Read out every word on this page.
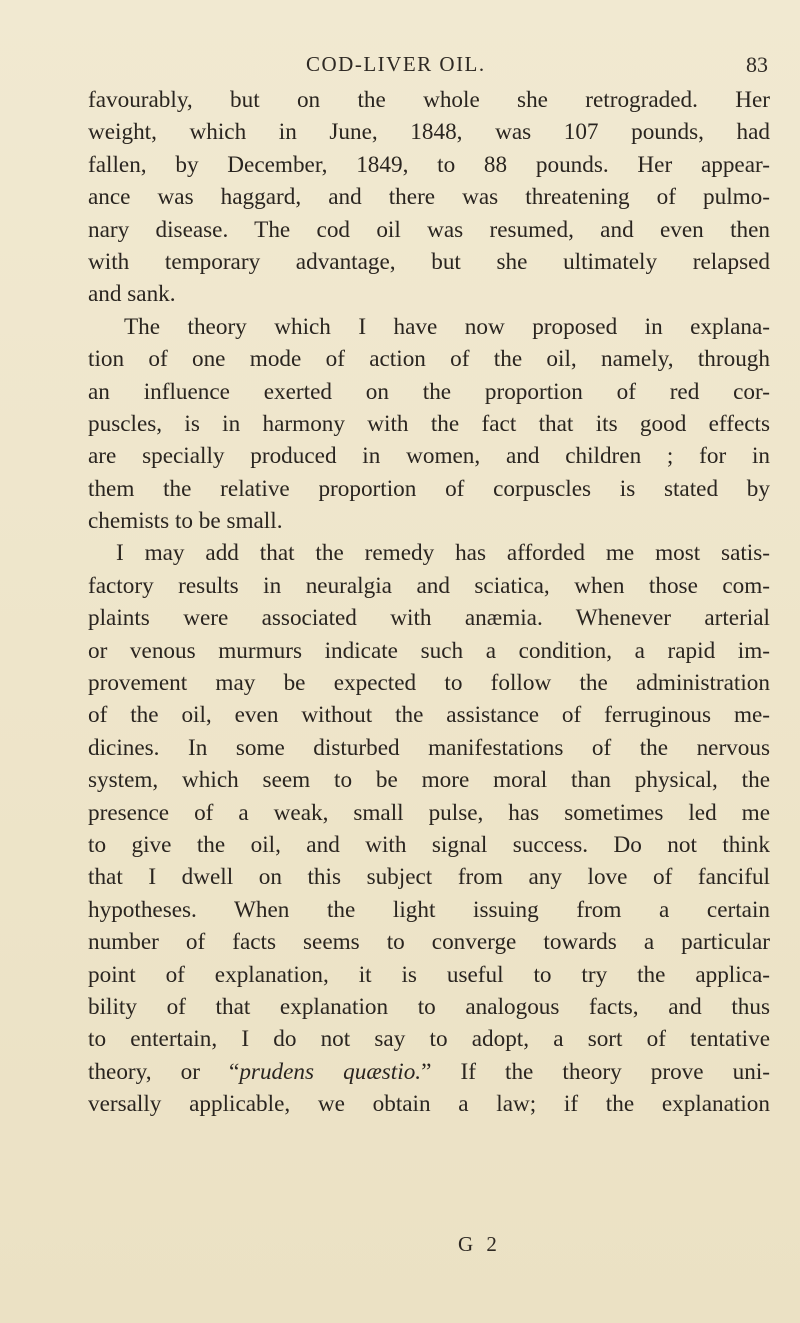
COD-LIVER OIL.	83
favourably, but on the whole she retrograded. Her
weight, which in June, 1848, was 107 pounds, had
fallen, by December, 1849, to 88 pounds. Her appear-
ance was haggard, and there was threatening of pulmo-
nary disease. The cod oil was resumed, and even then
with temporary advantage, but she ultimately relapsed
and sank.
The theory which I have now proposed in explana-
tion of one mode of action of the oil, namely, through
an influence exerted on the proportion of red cor-
puscles, is in harmony with the fact that its good effects
are specially produced in women, and children ; for in
them the relative proportion of corpuscles is stated by
chemists to be small.
I may add that the remedy has afforded me most satis-
factory results in neuralgia and sciatica, when those com-
plaints were associated with anæmia. Whenever arterial
or venous murmurs indicate such a condition, a rapid im-
provement may be expected to follow the administration
of the oil, even without the assistance of ferruginous me-
dicines. In some disturbed manifestations of the nervous
system, which seem to be more moral than physical, the
presence of a weak, small pulse, has sometimes led me
to give the oil, and with signal success. Do not think
that I dwell on this subject from any love of fanciful
hypotheses. When the light issuing from a certain
number of facts seems to converge towards a particular
point of explanation, it is useful to try the applica-
bility of that explanation to analogous facts, and thus
to entertain, I do not say to adopt, a sort of tentative
theory, or “prudens quæstio.” If the theory prove uni-
versally applicable, we obtain a law; if the explanation
G 2
